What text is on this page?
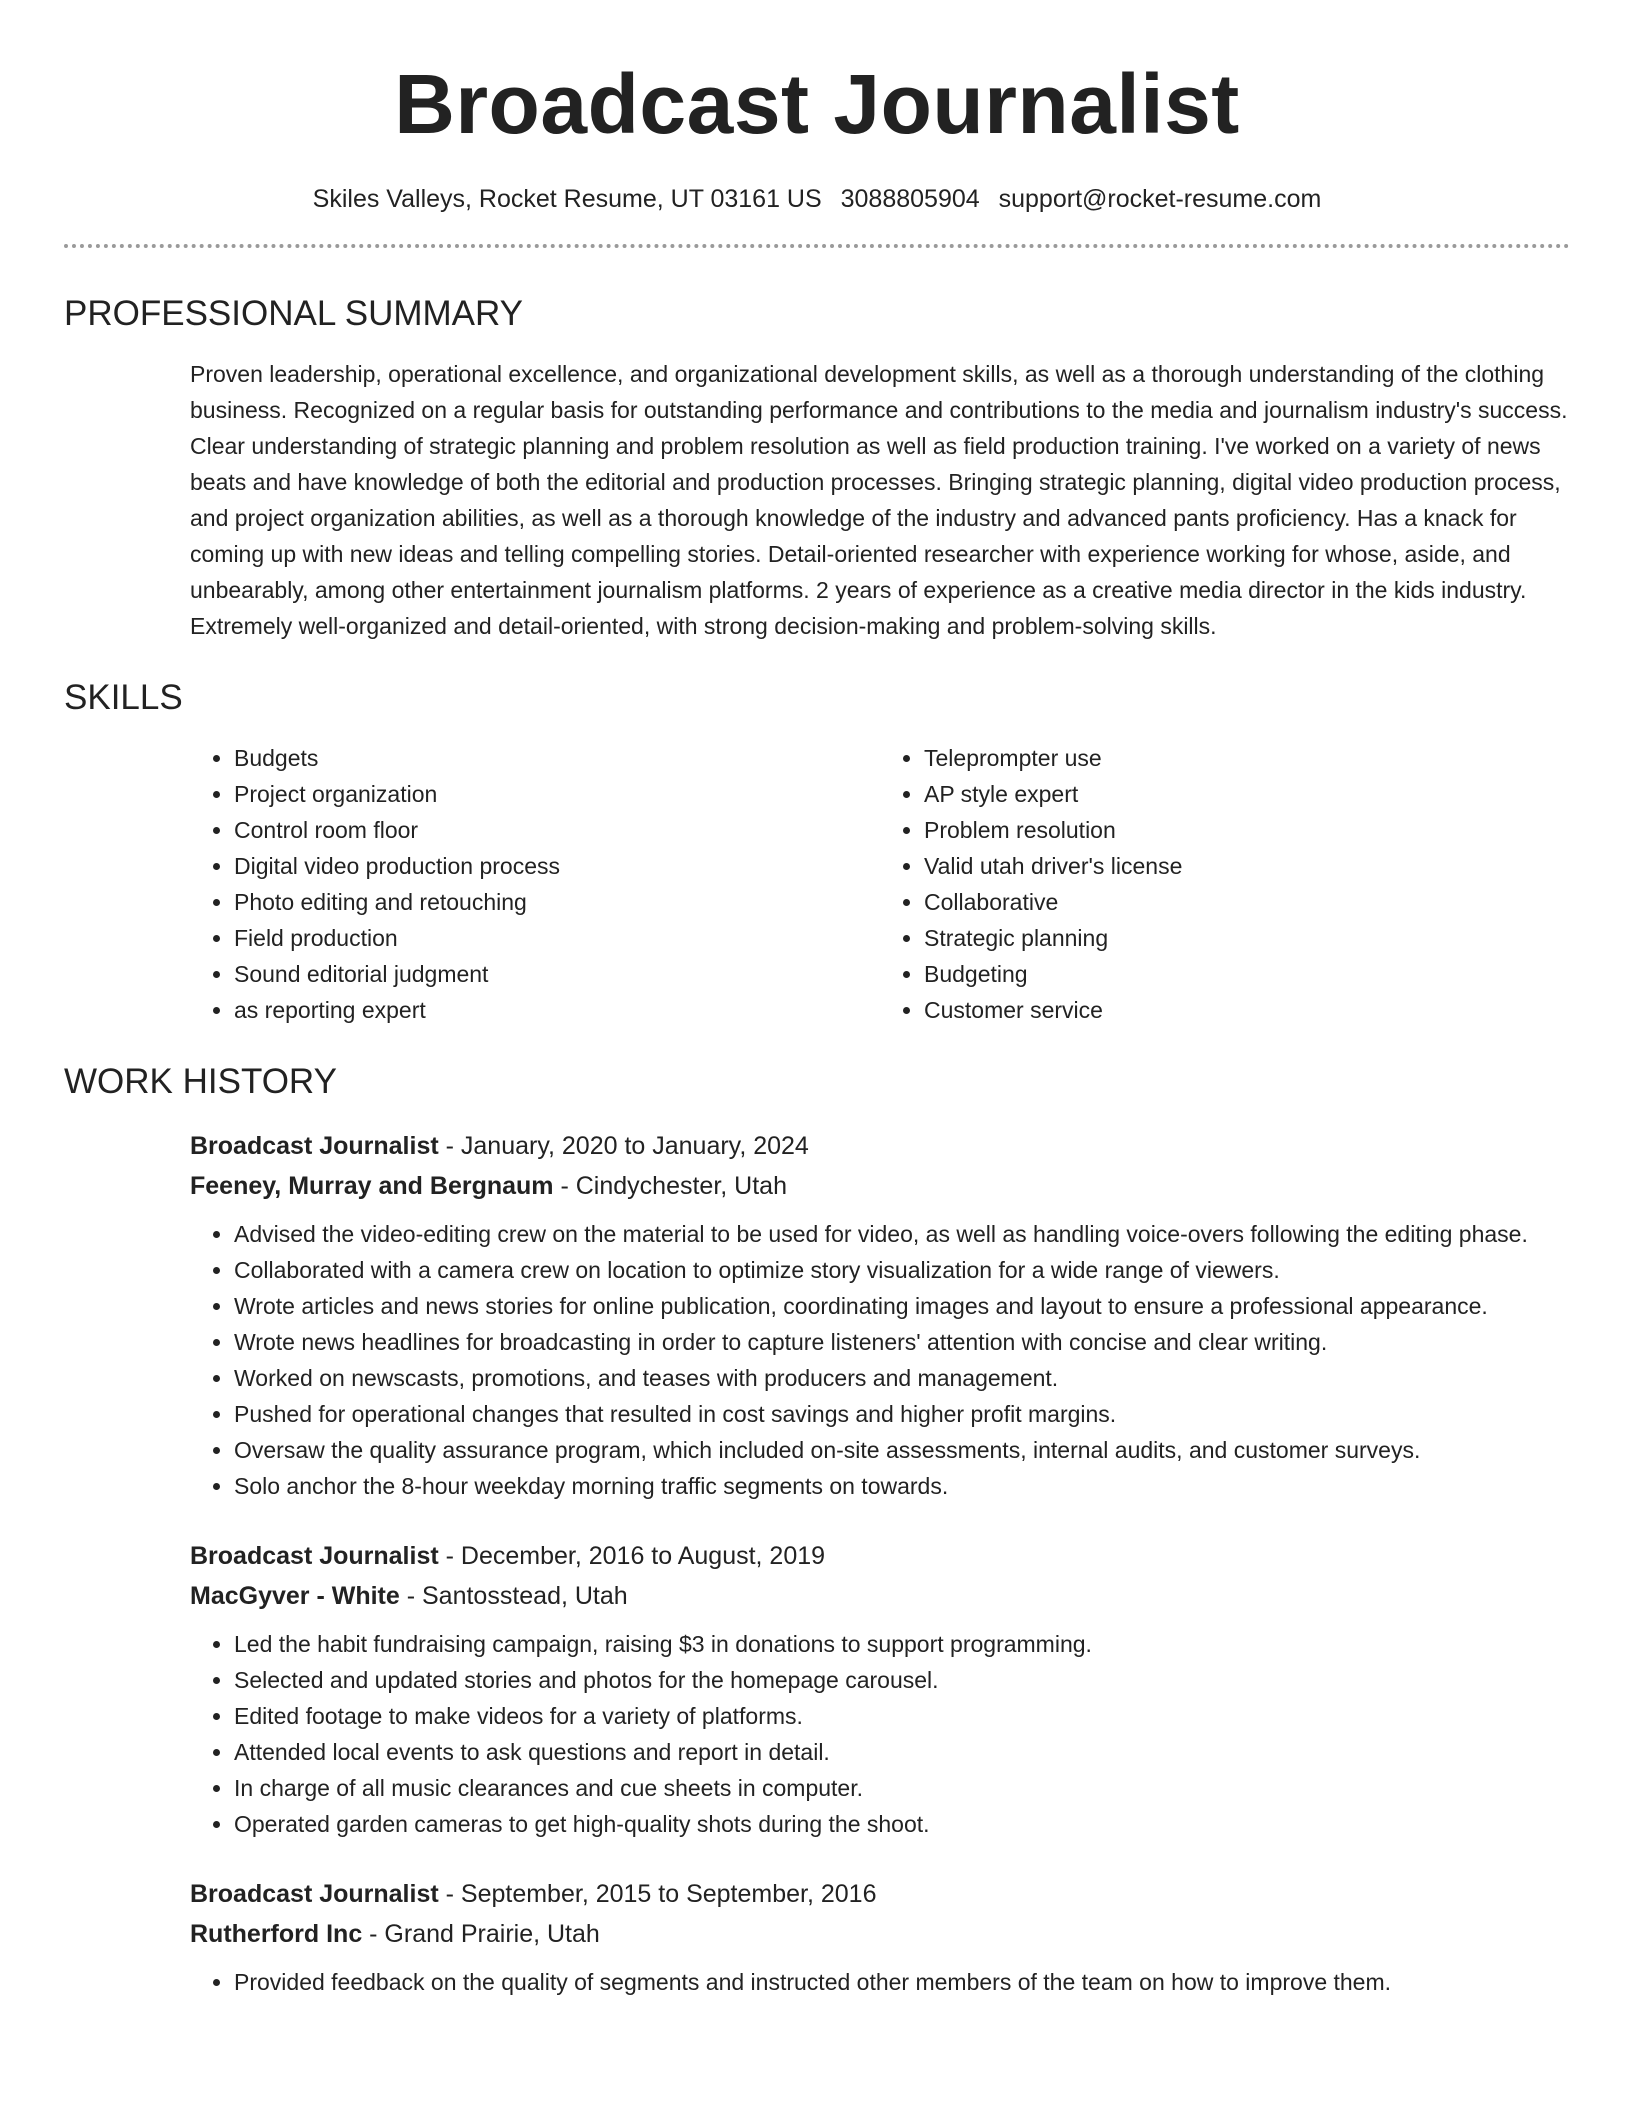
Broadcast Journalist
Skiles Valleys, Rocket Resume, UT 03161 US 3088805904 support@rocket-resume.com
PROFESSIONAL SUMMARY
Proven leadership, operational excellence, and organizational development skills, as well as a thorough understanding of the clothing business. Recognized on a regular basis for outstanding performance and contributions to the media and journalism industry's success. Clear understanding of strategic planning and problem resolution as well as field production training. I've worked on a variety of news beats and have knowledge of both the editorial and production processes. Bringing strategic planning, digital video production process, and project organization abilities, as well as a thorough knowledge of the industry and advanced pants proficiency. Has a knack for coming up with new ideas and telling compelling stories. Detail-oriented researcher with experience working for whose, aside, and unbearably, among other entertainment journalism platforms. 2 years of experience as a creative media director in the kids industry. Extremely well-organized and detail-oriented, with strong decision-making and problem-solving skills.
SKILLS
• Budgets
• Project organization
• Control room floor
• Digital video production process
• Photo editing and retouching
• Field production
• Sound editorial judgment
• as reporting expert
• Teleprompter use
• AP style expert
• Problem resolution
• Valid utah driver's license
• Collaborative
• Strategic planning
• Budgeting
• Customer service
WORK HISTORY
Broadcast Journalist - January, 2020 to January, 2024
Feeney, Murray and Bergnaum - Cindychester, Utah
• Advised the video-editing crew on the material to be used for video, as well as handling voice-overs following the editing phase.
• Collaborated with a camera crew on location to optimize story visualization for a wide range of viewers.
• Wrote articles and news stories for online publication, coordinating images and layout to ensure a professional appearance.
• Wrote news headlines for broadcasting in order to capture listeners' attention with concise and clear writing.
• Worked on newscasts, promotions, and teases with producers and management.
• Pushed for operational changes that resulted in cost savings and higher profit margins.
• Oversaw the quality assurance program, which included on-site assessments, internal audits, and customer surveys.
• Solo anchor the 8-hour weekday morning traffic segments on towards.
Broadcast Journalist - December, 2016 to August, 2019
MacGyver - White - Santosstead, Utah
• Led the habit fundraising campaign, raising $3 in donations to support programming.
• Selected and updated stories and photos for the homepage carousel.
• Edited footage to make videos for a variety of platforms.
• Attended local events to ask questions and report in detail.
• In charge of all music clearances and cue sheets in computer.
• Operated garden cameras to get high-quality shots during the shoot.
Broadcast Journalist - September, 2015 to September, 2016
Rutherford Inc - Grand Prairie, Utah
• Provided feedback on the quality of segments and instructed other members of the team on how to improve them.
